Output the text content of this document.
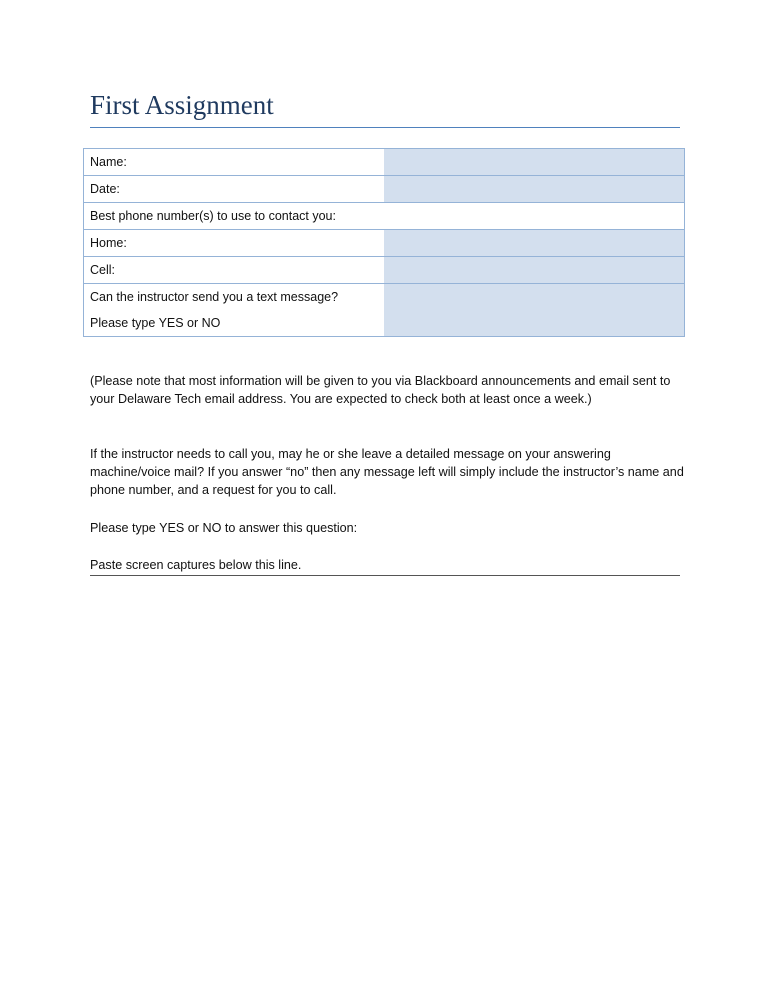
First Assignment
Name:	
Date:	
Best phone number(s) to use to contact you:	
Home:	
Cell:	

Can the instructor send you a text message?
Please type YES or NO	

(Please note that most information will be given to you via Blackboard announcements and email sent to your Delaware Tech email address. You are expected to check both at least once a week.)
If the instructor needs to call you, may he or she leave a detailed message on your answering machine/voice mail? If you answer “no” then any message left will simply include the instructor’s name and phone number, and a request for you to call.
Please type YES or NO to answer this question:
Paste screen captures below this line.
